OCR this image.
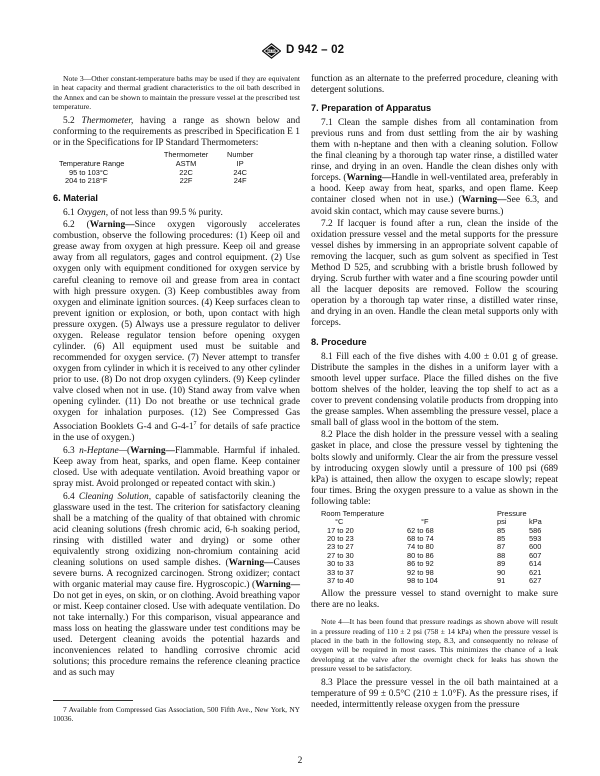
ASTM D 942 – 02

Note 3—Other constant-temperature baths may be used if they are equivalent in heat capacity and thermal gradient characteristics to the oil bath described in the Annex and can be shown to maintain the pressure vessel at the prescribed test temperature.

5.2 Thermometer, having a range as shown below and conforming to the requirements as prescribed in Specification E 1 or in the Specifications for IP Standard Thermometers:

	Thermometer	Number
Temperature Range	ASTM	IP
95 to 103°C	22C	24C
204 to 218°F	22F	24F
6. Material

6.1 Oxygen, of not less than 99.5 % purity.

6.2 (Warning—Since oxygen vigorously accelerates combustion, observe the following procedures: (1) Keep oil and grease away from oxygen at high pressure. Keep oil and grease away from all regulators, gages and control equipment. (2) Use oxygen only with equipment conditioned for oxygen service by careful cleaning to remove oil and grease from area in contact with high pressure oxygen. (3) Keep combustibles away from oxygen and eliminate ignition sources. (4) Keep surfaces clean to prevent ignition or explosion, or both, upon contact with high pressure oxygen. (5) Always use a pressure regulator to deliver oxygen. Release regulator tension before opening oxygen cylinder. (6) All equipment used must be suitable and recommended for oxygen service. (7) Never attempt to transfer oxygen from cylinder in which it is received to any other cylinder prior to use. (8) Do not drop oxygen cylinders. (9) Keep cylinder valve closed when not in use. (10) Stand away from valve when opening cylinder. (11) Do not breathe or use technical grade oxygen for inhalation purposes. (12) See Compressed Gas Association Booklets G-4 and $G-4-1^7$ for details of safe practice in the use of oxygen.)

6.3 n-Heptane—(Warning—Flammable. Harmful if inhaled. Keep away from heat, sparks, and open flame. Keep container closed. Use with adequate ventilation. Avoid breathing vapor or spray mist. Avoid prolonged or repeated contact with skin.)

6.4 Cleaning Solution, capable of satisfactorily cleaning the glassware used in the test. The criterion for satisfactory cleaning shall be a matching of the quality of that obtained with chromic acid cleaning solutions (fresh chromic acid, 6-h soaking period, rinsing with distilled water and drying) or some other equivalently strong oxidizing non-chromium containing acid cleaning solutions on used sample dishes. (Warning—Causes severe burns. A recognized carcinogen. Strong oxidizer; contact with organic material may cause fire. Hygroscopic.) (Warning—Do not get in eyes, on skin, or on clothing. Avoid breathing vapor or mist. Keep container closed. Use with adequate ventilation. Do not take internally.) For this comparison, visual appearance and mass loss on heating the glassware under test conditions may be used. Detergent cleaning avoids the potential hazards and inconveniences related to handling corrosive chromic acid solutions; this procedure remains the reference cleaning practice and as such may

7 Available from Compressed Gas Association, 500 Fifth Ave., New York, NY 10036.

function as an alternate to the preferred procedure, cleaning with detergent solutions.

7. Preparation of Apparatus

7.1 Clean the sample dishes from all contamination from previous runs and from dust settling from the air by washing them with n-heptane and then with a cleaning solution. Follow the final cleaning by a thorough tap water rinse, a distilled water rinse, and drying in an oven. Handle the clean dishes only with forceps. (Warning—Handle in well-ventilated area, preferably in a hood. Keep away from heat, sparks, and open flame. Keep container closed when not in use.) (Warning—See 6.3, and avoid skin contact, which may cause severe burns.)

7.2 If lacquer is found after a run, clean the inside of the oxidation pressure vessel and the metal supports for the pressure vessel dishes by immersing in an appropriate solvent capable of removing the lacquer, such as gum solvent as specified in Test Method D 525, and scrubbing with a bristle brush followed by drying. Scrub further with water and a fine scouring powder until all the lacquer deposits are removed. Follow the scouring operation by a thorough tap water rinse, a distilled water rinse, and drying in an oven. Handle the clean metal supports only with forceps.

8. Procedure

8.1 Fill each of the five dishes with 4.00 ± 0.01 g of grease. Distribute the samples in the dishes in a uniform layer with a smooth level upper surface. Place the filled dishes on the five bottom shelves of the holder, leaving the top shelf to act as a cover to prevent condensing volatile products from dropping into the grease samples. When assembling the pressure vessel, place a small ball of glass wool in the bottom of the stem.

8.2 Place the dish holder in the pressure vessel with a sealing gasket in place, and close the pressure vessel by tightening the bolts slowly and uniformly. Clear the air from the pressure vessel by introducing oxygen slowly until a pressure of 100 psi (689 kPa) is attained, then allow the oxygen to escape slowly; repeat four times. Bring the oxygen pressure to a value as shown in the following table:

Room Temperature		Pressure	
°C	°F	psi	kPa
17 to 20	62 to 68	85	586
20 to 23	68 to 74	85	593
23 to 27	74 to 80	87	600
27 to 30	80 to 86	88	607
30 to 33	86 to 92	89	614
33 to 37	92 to 98	90	621
37 to 40	98 to 104	91	627

Allow the pressure vessel to stand overnight to make sure there are no leaks.

Note 4—It has been found that pressure readings as shown above will result in a pressure reading of 110 ± 2 psi (758 ± 14 kPa) when the pressure vessel is placed in the bath in the following step, 8.3, and consequently no release of oxygen will be required in most cases. This minimizes the chance of a leak developing at the valve after the overnight check for leaks has shown the pressure vessel to be satisfactory.

8.3 Place the pressure vessel in the oil bath maintained at a temperature of 99 ± 0.5°C (210 ± 1.0°F). As the pressure rises, if needed, intermittently release oxygen from the pressure

2
